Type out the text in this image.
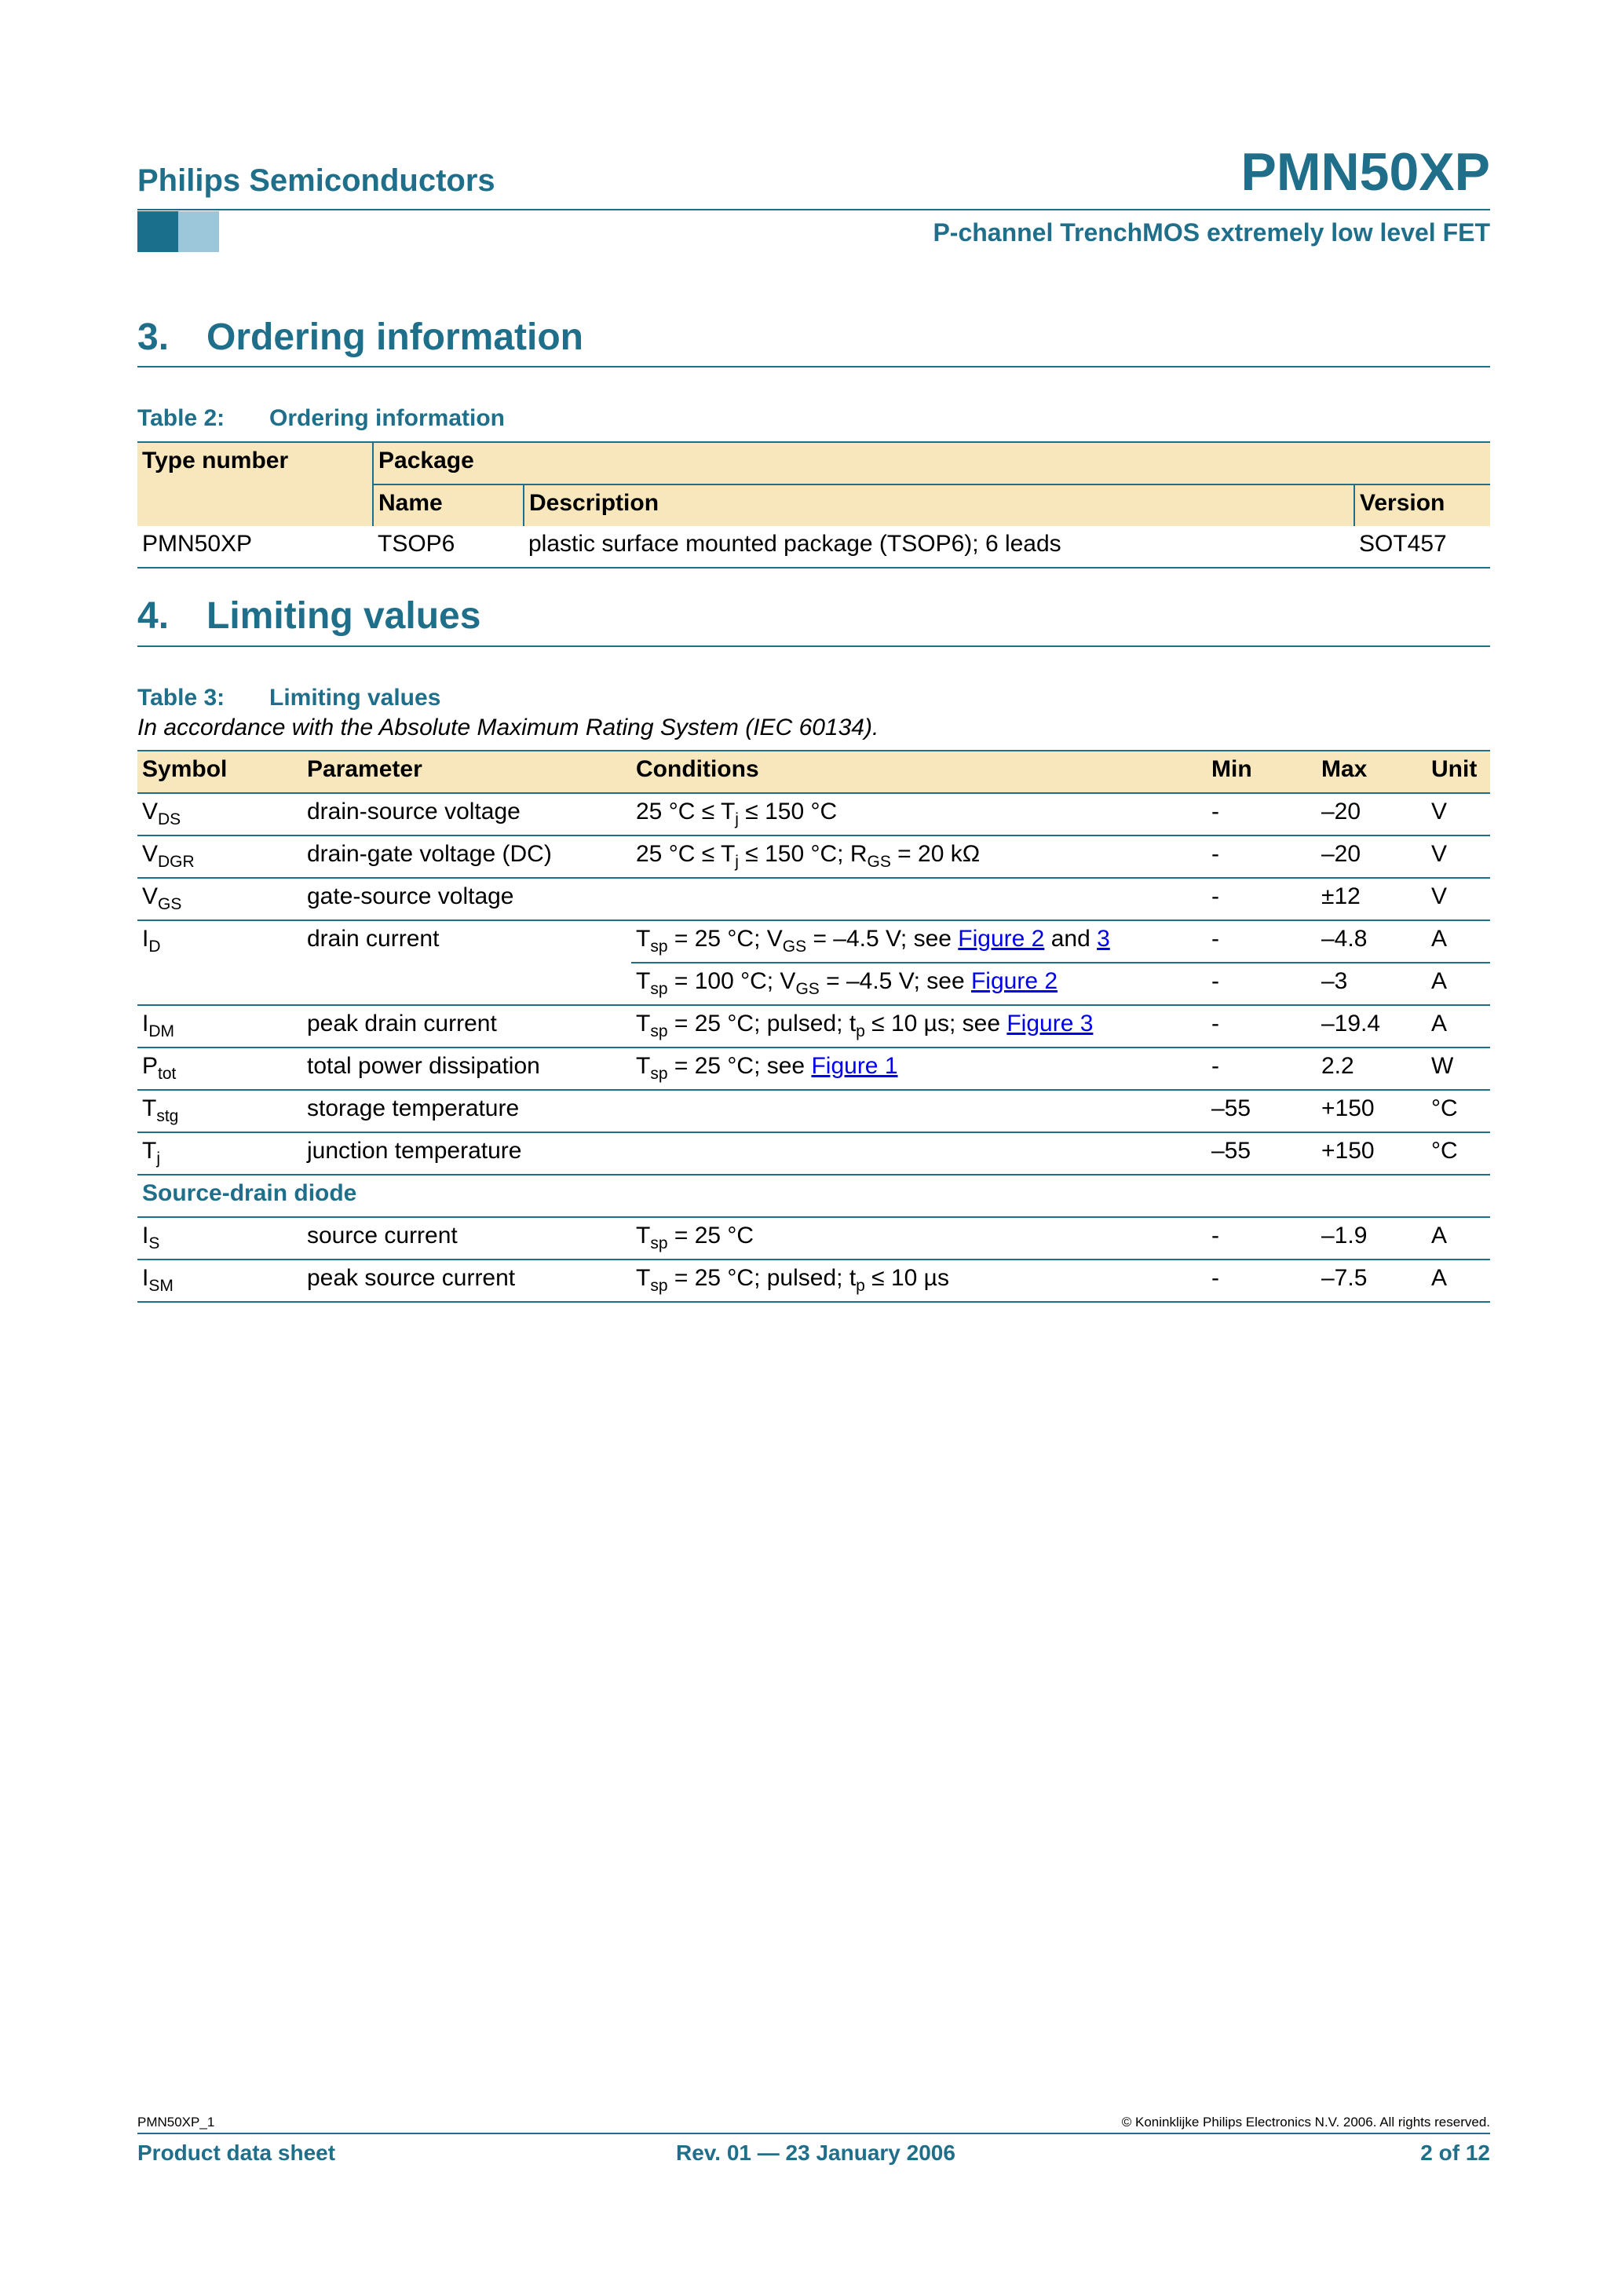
Philips Semiconductors	PMN50XP
P-channel TrenchMOS extremely low level FET
3. Ordering information
Table 2: Ordering information
Type number	Package		
	Name	Description	Version
PMN50XP	TSOP6	plastic surface mounted package (TSOP6); 6 leads	SOT457
4. Limiting values
Table 3: Limiting values
In accordance with the Absolute Maximum Rating System (IEC 60134).
Symbol	Parameter	Conditions	Min	Max	Unit
$V_{DS}$	drain-source voltage	25 $^\circ C \le T_j \le 150$ °C	-	–20	V
$V_{DGR}$	drain-gate voltage (DC)	25 $^\circ C \le T_j \le 150$ °C; $R_{GS} = 20$ kΩ	-	–20	V
$V_{GS}$	gate-source voltage		-	±12	V
$I_D$	drain current	$T_{sp} = 25$ °C; $V_{GS} = -4.5$ V; see Figure 2 and 3	-	–4.8	A
		$T_{sp} = 100$ °C; $V_{GS} = -4.5$ V; see Figure 2	-	–3	A
$I_{DM}$	peak drain current	$T_{sp} = 25$ °C; pulsed; $t_p \le 10$ µs; see Figure 3	-	–19.4	A
$P_{tot}$	total power dissipation	$T_{sp} = 25$ °C; see Figure 1	-	2.2	W
$T_{stg}$	storage temperature		–55	+150	°C
$T_j$	junction temperature		–55	+150	°C
Source-drain diode					
$I_S$	source current	$T_{sp} = 25$ °C	-	–1.9	A
$I_{SM}$	peak source current	$T_{sp} = 25$ °C; pulsed; $t_p \le 10$ µs	-	–7.5	A
PMN50XP_1	© Koninklijke Philips Electronics N.V. 2006. All rights reserved.
Product data sheet	Rev. 01 — 23 January 2006	2 of 12
